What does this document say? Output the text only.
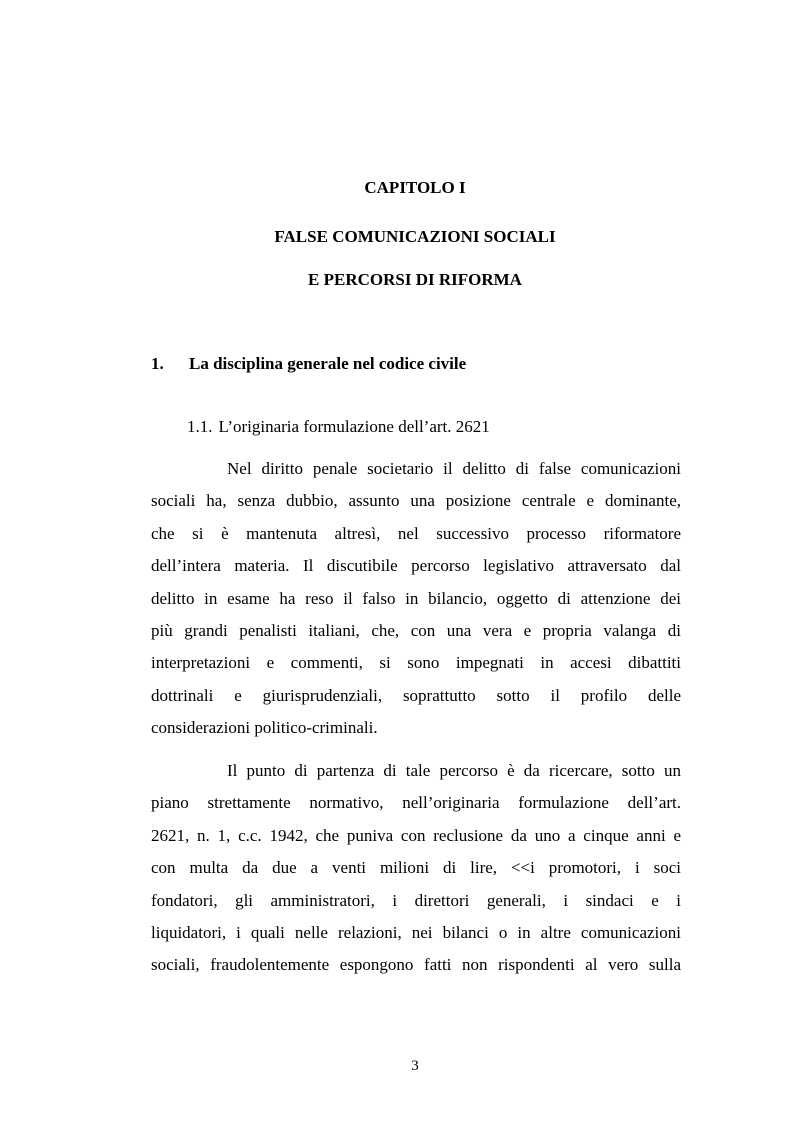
CAPITOLO I
FALSE COMUNICAZIONI SOCIALI
E PERCORSI DI RIFORMA
1. La disciplina generale nel codice civile
1.1. L’originaria formulazione dell’art. 2621
Nel diritto penale societario il delitto di false comunicazioni
sociali ha, senza dubbio, assunto una posizione centrale e dominante,
che si è mantenuta altresì, nel successivo processo riformatore
dell’intera materia. Il discutibile percorso legislativo attraversato dal
delitto in esame ha reso il falso in bilancio, oggetto di attenzione dei
più grandi penalisti italiani, che, con una vera e propria valanga di
interpretazioni e commenti, si sono impegnati in accesi dibattiti
dottrinali e giurisprudenziali, soprattutto sotto il profilo delle
considerazioni politico-criminali.
Il punto di partenza di tale percorso è da ricercare, sotto un
piano strettamente normativo, nell’originaria formulazione dell’art.
2621, n. 1, c.c. 1942, che puniva con reclusione da uno a cinque anni e
con multa da due a venti milioni di lire, <<i promotori, i soci
fondatori, gli amministratori, i direttori generali, i sindaci e i
liquidatori, i quali nelle relazioni, nei bilanci o in altre comunicazioni
sociali, fraudolentemente espongono fatti non rispondenti al vero sulla
3
